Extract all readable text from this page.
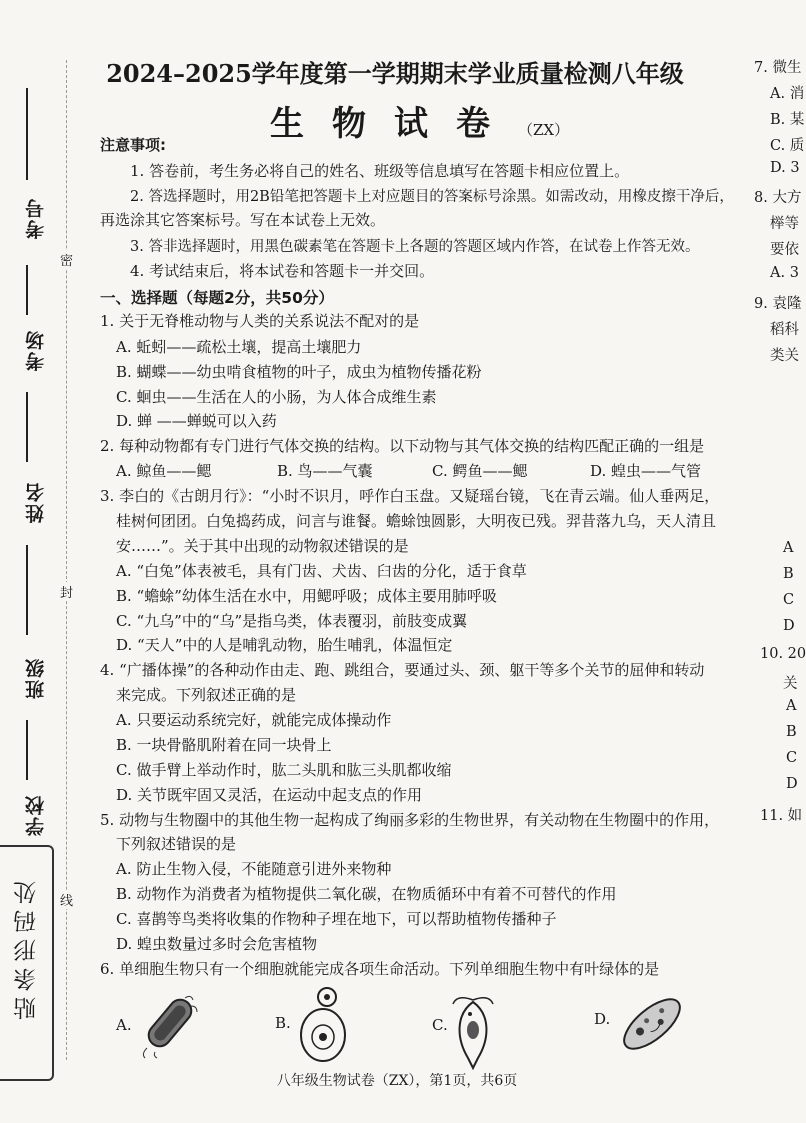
考号
考场
姓名
班级
学校
密
封
线
贴条形码处
2024–2025学年度第一学期期末学业质量检测八年级
生物试卷（ZX）
注意事项:
1. 答卷前，考生务必将自己的姓名、班级等信息填写在答题卡相应位置上。
2. 答选择题时，用2B铅笔把答题卡上对应题目的答案标号涂黑。如需改动，用橡皮擦干净后，
再选涂其它答案标号。写在本试卷上无效。
3. 答非选择题时，用黑色碳素笔在答题卡上各题的答题区域内作答，在试卷上作答无效。
4. 考试结束后，将本试卷和答题卡一并交回。
一、选择题（每题2分，共50分）
1. 关于无脊椎动物与人类的关系说法不配对的是
A. 蚯蚓——疏松土壤，提高土壤肥力
B. 蝴蝶——幼虫啃食植物的叶子，成虫为植物传播花粉
C. 蛔虫——生活在人的小肠，为人体合成维生素
D. 蝉 ——蝉蜕可以入药
2. 每种动物都有专门进行气体交换的结构。以下动物与其气体交换的结构匹配正确的一组是
A. 鲸鱼——鳃	B. 鸟——气囊	C. 鳄鱼——鳃	D. 蝗虫——气管
3. 李白的《古朗月行》：“小时不识月，呼作白玉盘。又疑瑶台镜，飞在青云端。仙人垂两足，
桂树何团团。白兔捣药成，问言与谁餐。蟾蜍蚀圆影，大明夜已残。羿昔落九乌，天人清且
安……”。关于其中出现的动物叙述错误的是
A. “白兔”体表被毛，具有门齿、犬齿、臼齿的分化，适于食草
B. “蟾蜍”幼体生活在水中，用鳃呼吸；成体主要用肺呼吸
C. “九乌”中的“乌”是指乌类，体表覆羽，前肢变成翼
D. “天人”中的人是哺乳动物，胎生哺乳，体温恒定
4. “广播体操”的各种动作由走、跑、跳组合，要通过头、颈、躯干等多个关节的屈伸和转动
来完成。下列叙述正确的是
A. 只要运动系统完好，就能完成体操动作
B. 一块骨骼肌附着在同一块骨上
C. 做手臂上举动作时，肱二头肌和肱三头肌都收缩
D. 关节既牢固又灵活，在运动中起支点的作用
5. 动物与生物圈中的其他生物一起构成了绚丽多彩的生物世界，有关动物在生物圈中的作用，
下列叙述错误的是
A. 防止生物入侵，不能随意引进外来物种
B. 动物作为消费者为植物提供二氧化碳，在物质循环中有着不可替代的作用
C. 喜鹊等鸟类将收集的作物种子埋在地下，可以帮助植物传播种子
D. 蝗虫数量过多时会危害植物
6. 单细胞生物只有一个细胞就能完成各项生命活动。下列单细胞生物中有叶绿体的是
A.	B.	C.	D.
7. 微生
A. 消
B. 某
C. 质
D. 3
8. 大方
榉等
要依
A. 3
9. 袁隆
稻科
类关
A
B
C
D
10. 20
关
A
B
C
D
11. 如
八年级生物试卷（ZX），第1页，共6页
